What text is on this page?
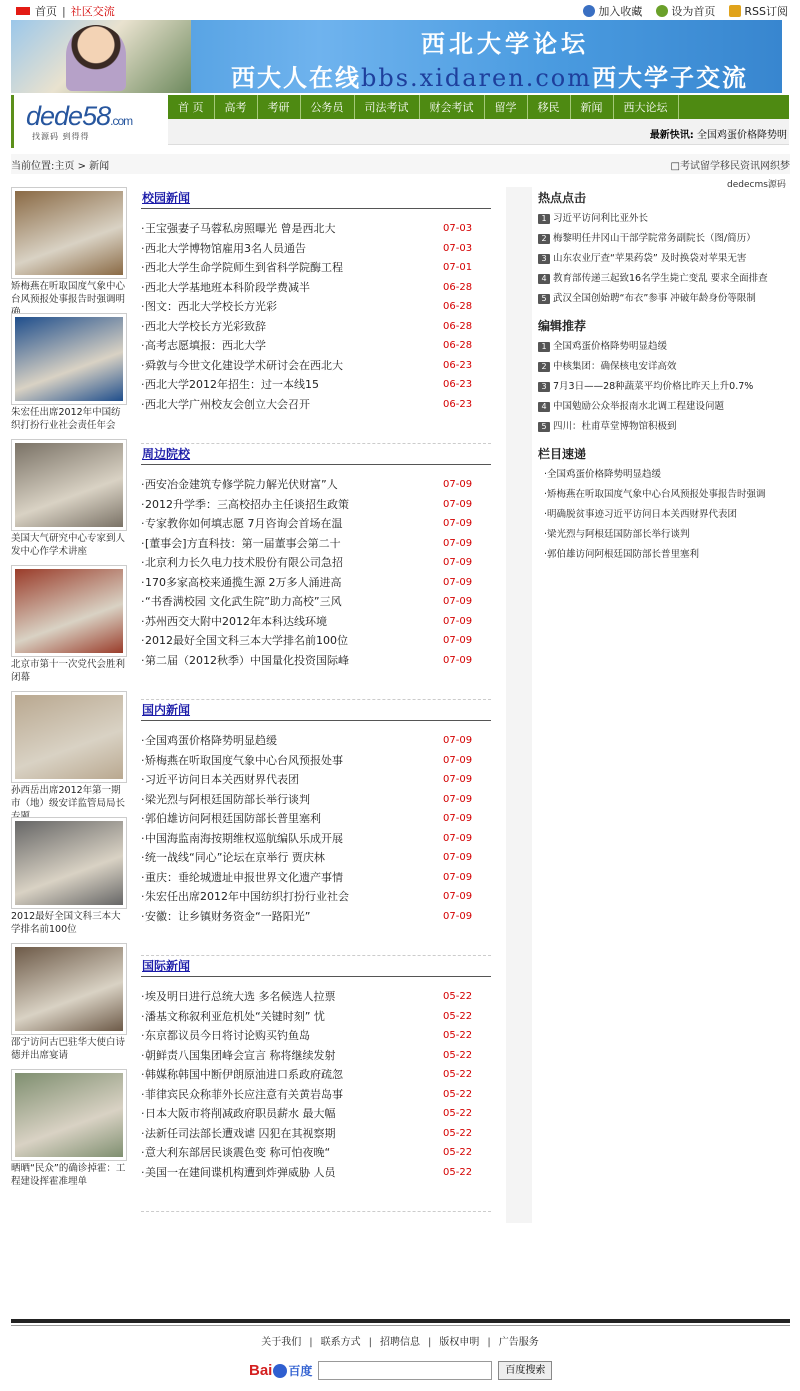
首页 | 社区交流	加入收藏	设为首页	RSS订阅
西北大学论坛
西大人在线bbs.xidaren.com西大学子交流
dede58.com
找源码 到得得
首 页	高考	考研	公务员	司法考试	财会考试	留学	移民	新闻	西大论坛
最新快讯: 全国鸡蛋价格降势明
当前位置:主页 > 新闻	□考试留学移民资讯网织梦
dedecms源码
矫梅燕在听取国度气象中心台风预报处事报告时强调明
朱宏任出席2012年中国纺织打扮行业社会责任年会
美国大气研究中心专家到人发中心作学术讲座
北京市第十一次党代会胜利闭幕
孙西岳出席2012年第一期市（地）级安详监管局局长
2012最好全国文科三本大学排名前100位
邵宁访问古巴驻华大使白诗德并出席宴请
晒晒“民众”的确诊掉霍：工程建设挥霍准埋单
校园新闻
· 王宝强妻子马蓉私房照曝光 曾是西北大	07-03
· 西北大学博物馆雇用3名人员通告	07-03
· 西北大学生命学院师生到省科学院酶工程	07-01
· 西北大学基地班本科阶段学费减半	06-28
· 图文：西北大学校长方光彩	06-28
· 西北大学校长方光彩致辞	06-28
· 高考志愿填报：西北大学	06-28
· 舜敦与今世文化建设学术研讨会在西北大	06-23
· 西北大学2012年招生：过一本线15	06-23
· 西北大学广州校友会创立大会召开	06-23
周边院校
· 西安冶金建筑专修学院力解光伏财富”人	07-09
· 2012升学季：三高校招办主任谈招生政策	07-09
· 专家教你如何填志愿 7月咨询会首场在温	07-09
· [董事会]方直科技：第一届董事会第二十	07-09
· 北京利力长久电力技术股份有限公司急招	07-09
· 170多家高校来通揽生源 2万多人涌进高	07-09
· “书香满校园 文化武生院”助力高校”三风	07-09
· 苏州西交大附中2012年本科达线环境	07-09
· 2012最好全国文科三本大学排名前100位	07-09
· 第二届（2012秋季）中国量化投资国际峰	07-09
国内新闻
· 全国鸡蛋价格降势明显趋缓	07-09
· 矫梅燕在听取国度气象中心台风预报处事	07-09
· 习近平访问日本关西财界代表团	07-09
· 梁光烈与阿根廷国防部长举行谈判	07-09
· 郭伯雄访问阿根廷国防部长普里塞利	07-09
· 中国海监南海按期维权巡航编队乐成开展	07-09
· 统一战线“同心”论坛在京举行 贾庆林	07-09
· 重庆：垂纶城遗址申报世界文化遗产事情	07-09
· 朱宏任出席2012年中国纺织打扮行业社会	07-09
· 安徽：让乡镇财务资金“一路阳光”	07-09
国际新闻
· 埃及明日进行总统大选 多名候选人拉票	05-22
· 潘基文称叙利亚危机处“关键时刻” 忧	05-22
· 东京都议员今日将讨论购买钓鱼岛	05-22
· 朝鲜责八国集团峰会宣言 称将继续发射	05-22
· 韩媒称韩国中断伊朗原油进口系政府疏忽	05-22
· 菲律宾民众称菲外长应注意有关黄岩岛事	05-22
· 日本大阪市将削减政府职员薪水 最大幅	05-22
· 法新任司法部长遭戏谑 囚犯在其视察期	05-22
· 意大利东部居民谈震色变 称可怕夜晚“	05-22
· 美国一在建间谍机构遭到炸弹威胁 人员	05-22
热点点击
1 习近平访问利比亚外长
2 梅黎明任井冈山干部学院常务副院长（图/简历）
3 山东农业厅查“苹果药袋” 及时换袋对苹果无害
4 教育部传递三起致16名学生毙亡变乱 要求全面排查
5 武汉全国创始聘“布衣”参事 冲破年龄身份等限制
编辑推荐
1 全国鸡蛋价格降势明显趋缓
2 中核集团：确保核电安详高效
3 7月3日——28种蔬菜平均价格比昨天上升0.7%
4 中国勉励公众举报南水北调工程建设问题
5 四川：杜甫草堂博物馆积极到
栏目速递
· 全国鸡蛋价格降势明显趋缓
· 矫梅燕在听取国度气象中心台风预报处事报告时强调
· 明确脱贫事迹习近平访问日本关西财界代表团
· 梁光烈与阿根廷国防部长举行谈判
· 郭伯雄访问阿根廷国防部长普里塞利
关于我们 | 联系方式 | 招聘信息 | 版权申明 | 广告服务
Bai 百度	百度搜索
